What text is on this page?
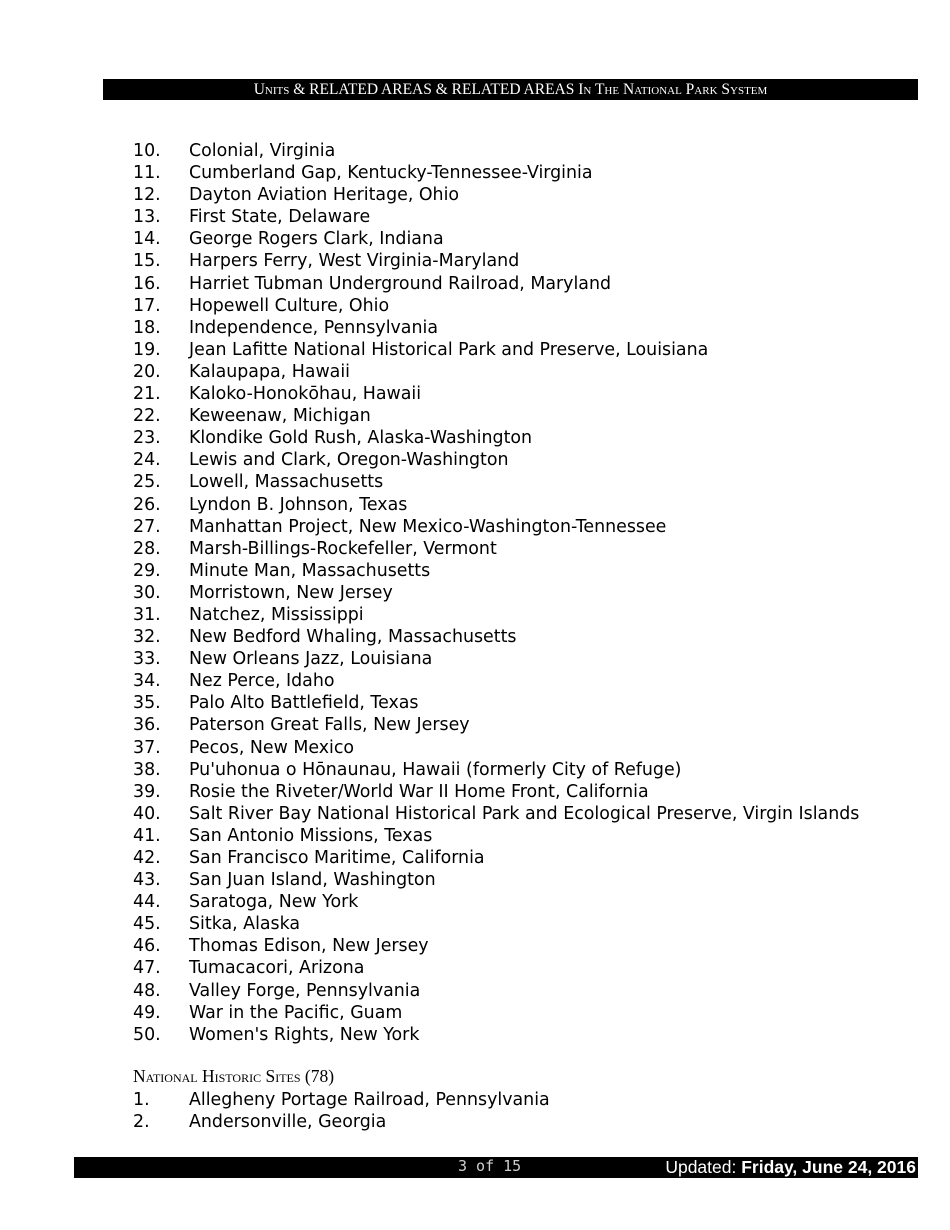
Units & RELATED AREAS & RELATED AREAS In The National Park System
10.	Colonial, Virginia
11.	Cumberland Gap, Kentucky-Tennessee-Virginia
12.	Dayton Aviation Heritage, Ohio
13.	First State, Delaware
14.	George Rogers Clark, Indiana
15.	Harpers Ferry, West Virginia-Maryland
16.	Harriet Tubman Underground Railroad, Maryland
17.	Hopewell Culture, Ohio
18.	Independence, Pennsylvania
19.	Jean Lafitte National Historical Park and Preserve, Louisiana
20.	Kalaupapa, Hawaii
21.	Kaloko-Honokōhau, Hawaii
22.	Keweenaw, Michigan
23.	Klondike Gold Rush, Alaska-Washington
24.	Lewis and Clark, Oregon-Washington
25.	Lowell, Massachusetts
26.	Lyndon B. Johnson, Texas
27.	Manhattan Project, New Mexico-Washington-Tennessee
28.	Marsh-Billings-Rockefeller, Vermont
29.	Minute Man, Massachusetts
30.	Morristown, New Jersey
31.	Natchez, Mississippi
32.	New Bedford Whaling, Massachusetts
33.	New Orleans Jazz, Louisiana
34.	Nez Perce, Idaho
35.	Palo Alto Battlefield, Texas
36.	Paterson Great Falls, New Jersey
37.	Pecos, New Mexico
38.	Pu'uhonua o Hōnaunau, Hawaii (formerly City of Refuge)
39.	Rosie the Riveter/World War II Home Front, California
40.	Salt River Bay National Historical Park and Ecological Preserve, Virgin Islands
41.	San Antonio Missions, Texas
42.	San Francisco Maritime, California
43.	San Juan Island, Washington
44.	Saratoga, New York
45.	Sitka, Alaska
46.	Thomas Edison, New Jersey
47.	Tumacacori, Arizona
48.	Valley Forge, Pennsylvania
49.	War in the Pacific, Guam
50.	Women's Rights, New York
National Historic Sites (78)
1.	Allegheny Portage Railroad, Pennsylvania
2.	Andersonville, Georgia
3 of 15	Updated: Friday, June 24, 2016
